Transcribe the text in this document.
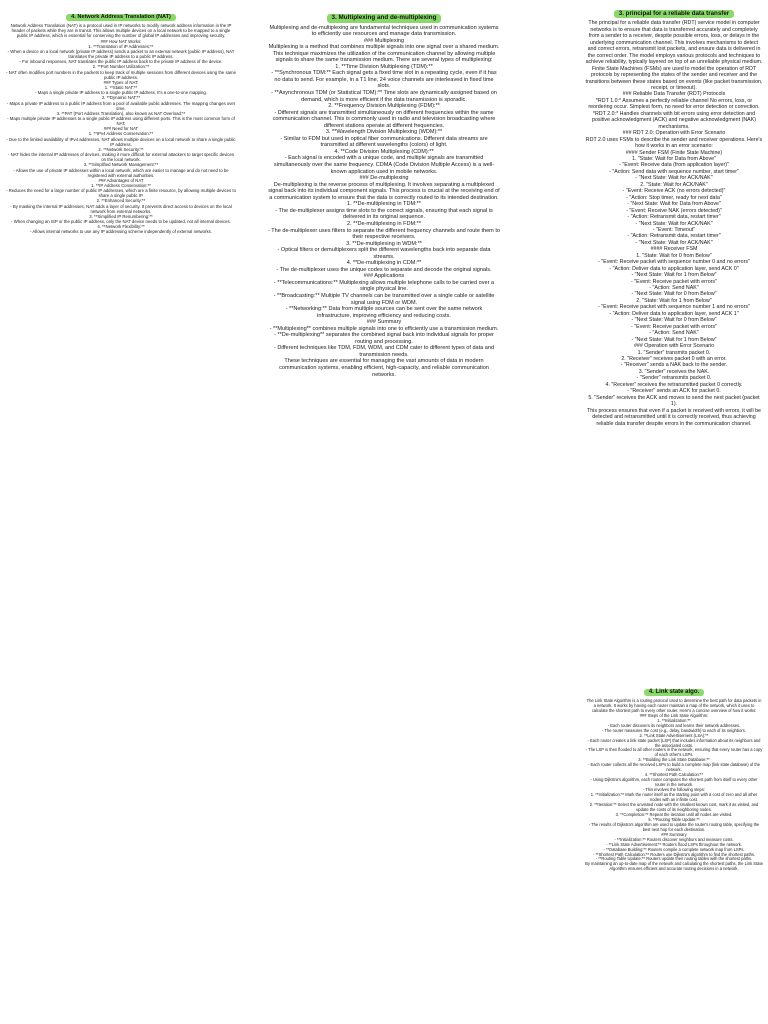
4. Network Address Translation (NAT)
Network Address Translation (NAT) is a protocol used in IP networks to modify network address information in the IP header of packets while they are in transit. This allows multiple devices on a local network to be mapped to a single public IP address, which is essential for conserving the number of global IP addresses and improving security.
### How NAT Works:
1. **Translation of IP Addresses:**
- When a device on a local network (private IP address) sends a packet to an external network (public IP address), NAT translates the private IP address to a public IP address.
- For inbound responses, NAT translates the public IP address back to the private IP address of the device.
2. **Port Number Utilization:**
- NAT often modifies port numbers in the packets to keep track of multiple sessions from different devices using the same public IP address.
### Types of NAT:
1. **Static NAT:**
- Maps a single private IP address to a single public IP address. It's a one-to-one mapping.
2. **Dynamic NAT:**
- Maps a private IP address to a public IP address from a pool of available public addresses. The mapping changes over time.
3. **PAT (Port Address Translation), also known as NAT Overload:**
- Maps multiple private IP addresses to a single public IP address using different ports. This is the most common form of NAT.
### Need for NAT
1. **IPv4 Address Conservation:**
- Due to the limited availability of IPv4 addresses, NAT allows multiple devices on a local network to share a single public IP address.
2. **Network Security:**
- NAT hides the internal IP addresses of devices, making it more difficult for external attackers to target specific devices on the local network.
3. **Simplified Network Management:**
- Allows the use of private IP addresses within a local network, which are easier to manage and do not need to be registered with external authorities.
### Advantages of NAT
1. **IP Address Conservation:**
- Reduces the need for a large number of public IP addresses, which are a finite resource, by allowing multiple devices to share a single public IP.
2. **Enhanced Security:**
- By masking the internal IP addresses, NAT adds a layer of security. It prevents direct access to devices on the local network from external networks.
3. **Simplified IP Renumbering:**
- When changing an ISP or the public IP address, only the NAT device needs to be updated, not all internal devices.
4. **Network Flexibility:**
- Allows internal networks to use any IP addressing scheme independently of external networks.
3. Multiplexing and de-multiplexing
Multiplexing and de-multiplexing are fundamental techniques used in communication systems to efficiently use resources and manage data transmission.
### Multiplexing
Multiplexing is a method that combines multiple signals into one signal over a shared medium. This technique maximizes the utilization of the communication channel by allowing multiple signals to share the same transmission medium. There are several types of multiplexing:
1. **Time Division Multiplexing (TDM):**
- **Synchronous TDM:** Each signal gets a fixed time slot in a repeating cycle, even if it has no data to send. For example, in a T1 line, 24 voice channels are interleaved in fixed time slots.
- **Asynchronous TDM (or Statistical TDM):** Time slots are dynamically assigned based on demand, which is more efficient if the data transmission is sporadic.
2. **Frequency Division Multiplexing (FDM):**
- Different signals are transmitted simultaneously on different frequencies within the same communication channel. This is commonly used in radio and television broadcasting where different stations operate at different frequencies.
3. **Wavelength Division Multiplexing (WDM):**
- Similar to FDM but used in optical fiber communications. Different data streams are transmitted at different wavelengths (colors) of light.
4. **Code Division Multiplexing (CDM):**
- Each signal is encoded with a unique code, and multiple signals are transmitted simultaneously over the same frequency. CDMA (Code Division Multiple Access) is a well-known application used in mobile networks.
### De-multiplexing
De-multiplexing is the reverse process of multiplexing. It involves separating a multiplexed signal back into its individual component signals. This process is crucial at the receiving end of a communication system to ensure that the data is correctly routed to its intended destination.
1. **De-multiplexing in TDM:**
- The de-multiplexer assigns time slots to the correct signals, ensuring that each signal is delivered in its original sequence.
2. **De-multiplexing in FDM:**
- The de-multiplexer uses filters to separate the different frequency channels and route them to their respective receivers.
3. **De-multiplexing in WDM:**
- Optical filters or demultiplexers split the different wavelengths back into separate data streams.
4. **De-multiplexing in CDM:**
- The de-multiplexer uses the unique codes to separate and decode the original signals.
### Applications
- **Telecommunications:** Multiplexing allows multiple telephone calls to be carried over a single physical line.
- **Broadcasting:** Multiple TV channels can be transmitted over a single cable or satellite signal using FDM or WDM.
- **Networking:** Data from multiple sources can be sent over the same network infrastructure, improving efficiency and reducing costs.
### Summary
- **Multiplexing** combines multiple signals into one to efficiently use a transmission medium.
- **De-multiplexing** separates the combined signal back into individual signals for proper routing and processing.
- Different techniques like TDM, FDM, WDM, and CDM cater to different types of data and transmission needs.
These techniques are essential for managing the vast amounts of data in modern communication systems, enabling efficient, high-capacity, and reliable communication networks.
3. principal for a reliable data transfer
The principal for a reliable data transfer (RDT) service model in computer networks is to ensure that data is transferred accurately and completely from a sender to a receiver, despite possible errors, loss, or delays in the underlying communication channel. This involves mechanisms to detect and correct errors, retransmit lost packets, and ensure data is delivered in the correct order. The model employs various protocols and techniques to achieve reliability, typically layered on top of an unreliable physical medium.
Finite State Machines (FSMs) are used to model the operation of RDT protocols by representing the states of the sender and receiver and the transitions between these states based on events (like packet transmission, receipt, or timeout).
### Reliable Data Transfer (RDT) Protocols
*RDT 1.0:* Assumes a perfectly reliable channel No errors, loss, or reordering occur. Simplest form, no need for error detection or correction.
*RDT 2.0:* Handles channels with bit errors using error detection and positive acknowledgment (ACK) and negative acknowledgment (NAK) mechanisms.
### RDT 2.0: Operation with Error Scenario
RDT 2.0 uses FSMs to describe the sender and receiver operations. Here's how it works in an error scenario:
#### Sender FSM (Finite State Machine)
1. "State: Wait for Data from Above"
- "Event: Receive data (from application layer)"
- "Action: Send data with sequence number, start timer"
- "Next State: Wait for ACK/NAK"
2. "State: Wait for ACK/NAK"
- "Event: Receive ACK (no errors detected)"
- "Action: Stop timer, ready for next data"
- "Next State: Wait for Data from Above"
- "Event: Receive NAK (errors detected)"
- "Action: Retransmit data, restart timer"
- "Next State: Wait for ACK/NAK"
- "Event: Timeout"
- "Action: Retransmit data, restart timer"
- "Next State: Wait for ACK/NAK"
#### Receiver FSM
1. "State: Wait for 0 from Below"
- "Event: Receive packet with sequence number 0 and no errors"
- "Action: Deliver data to application layer, send ACK 0"
- "Next State: Wait for 1 from Below"
- "Event: Receive packet with errors"
- "Action: Send NAK"
- "Next State: Wait for 0 from Below"
2. "State: Wait for 1 from Below"
- "Event: Receive packet with sequence number 1 and no errors"
- "Action: Deliver data to application layer, send ACK 1"
- "Next State: Wait for 0 from Below"
- "Event: Receive packet with errors"
- "Action: Send NAK"
- "Next State: Wait for 1 from Below"
### Operation with Error Scenario
1. "Sender" transmits packet 0.
2. "Receiver" receives packet 0 with an error.
- "Receiver" sends a NAK back to the sender.
3. "Sender" receives the NAK.
- "Sender" retransmits packet 0.
4. "Receiver" receives the retransmitted packet 0 correctly.
- "Receiver" sends an ACK for packet 0.
5. "Sender" receives the ACK and moves to send the next packet (packet 1).
This process ensures that even if a packet is received with errors, it will be detected and retransmitted until it is correctly received, thus achieving reliable data transfer despite errors in the communication channel.
4. Link state algo.
The Link State Algorithm is a routing protocol used to determine the best path for data packets in a network. It works by having each router maintain a map of the network, which it uses to calculate the shortest path to every other router. Here's a concise overview of how it works:
### Steps of the Link State Algorithm:
1. **Initialization:**
- Each router discovers its neighbors and learns their network addresses.
- The router measures the cost (e.g., delay, bandwidth) to each of its neighbors.
2. **Link State Advertisement (LSA):**
- Each router creates a link state packet (LSP) that includes information about its neighbors and the associated costs.
- The LSP is then flooded to all other routers in the network, ensuring that every router has a copy of each other's LSPs.
3. **Building the Link State Database:**
- Each router collects all the received LSPs to build a complete map (link state database) of the network.
4. **Shortest Path Calculation:**
- Using Dijkstra's algorithm, each router computes the shortest path from itself to every other router in the network.
- This involves the following steps:
1. **Initialization:** Mark the router itself as the starting point with a cost of zero and all other nodes with an infinite cost.
2. **Iteration:** Select the unvisited node with the smallest known cost, mark it as visited, and update the costs of its neighboring nodes.
3. **Completion:** Repeat the iteration until all nodes are visited.
5. **Routing Table Update:**
- The results of Dijkstra's algorithm are used to update the router's routing table, specifying the best next hop for each destination.
### Summary
- **Initialization:** Routers discover neighbors and measure costs.
- **Link State Advertisement:** Routers flood LSPs throughout the network.
- **Database Building:** Routers compile a complete network map from LSPs.
- **Shortest Path Calculation:** Routers use Dijkstra's algorithm to find the shortest paths.
- **Routing Table Update:** Routers update their routing tables with the shortest paths.
By maintaining an up-to-date map of the network and calculating the shortest paths, the Link State Algorithm ensures efficient and accurate routing decisions in a network.
